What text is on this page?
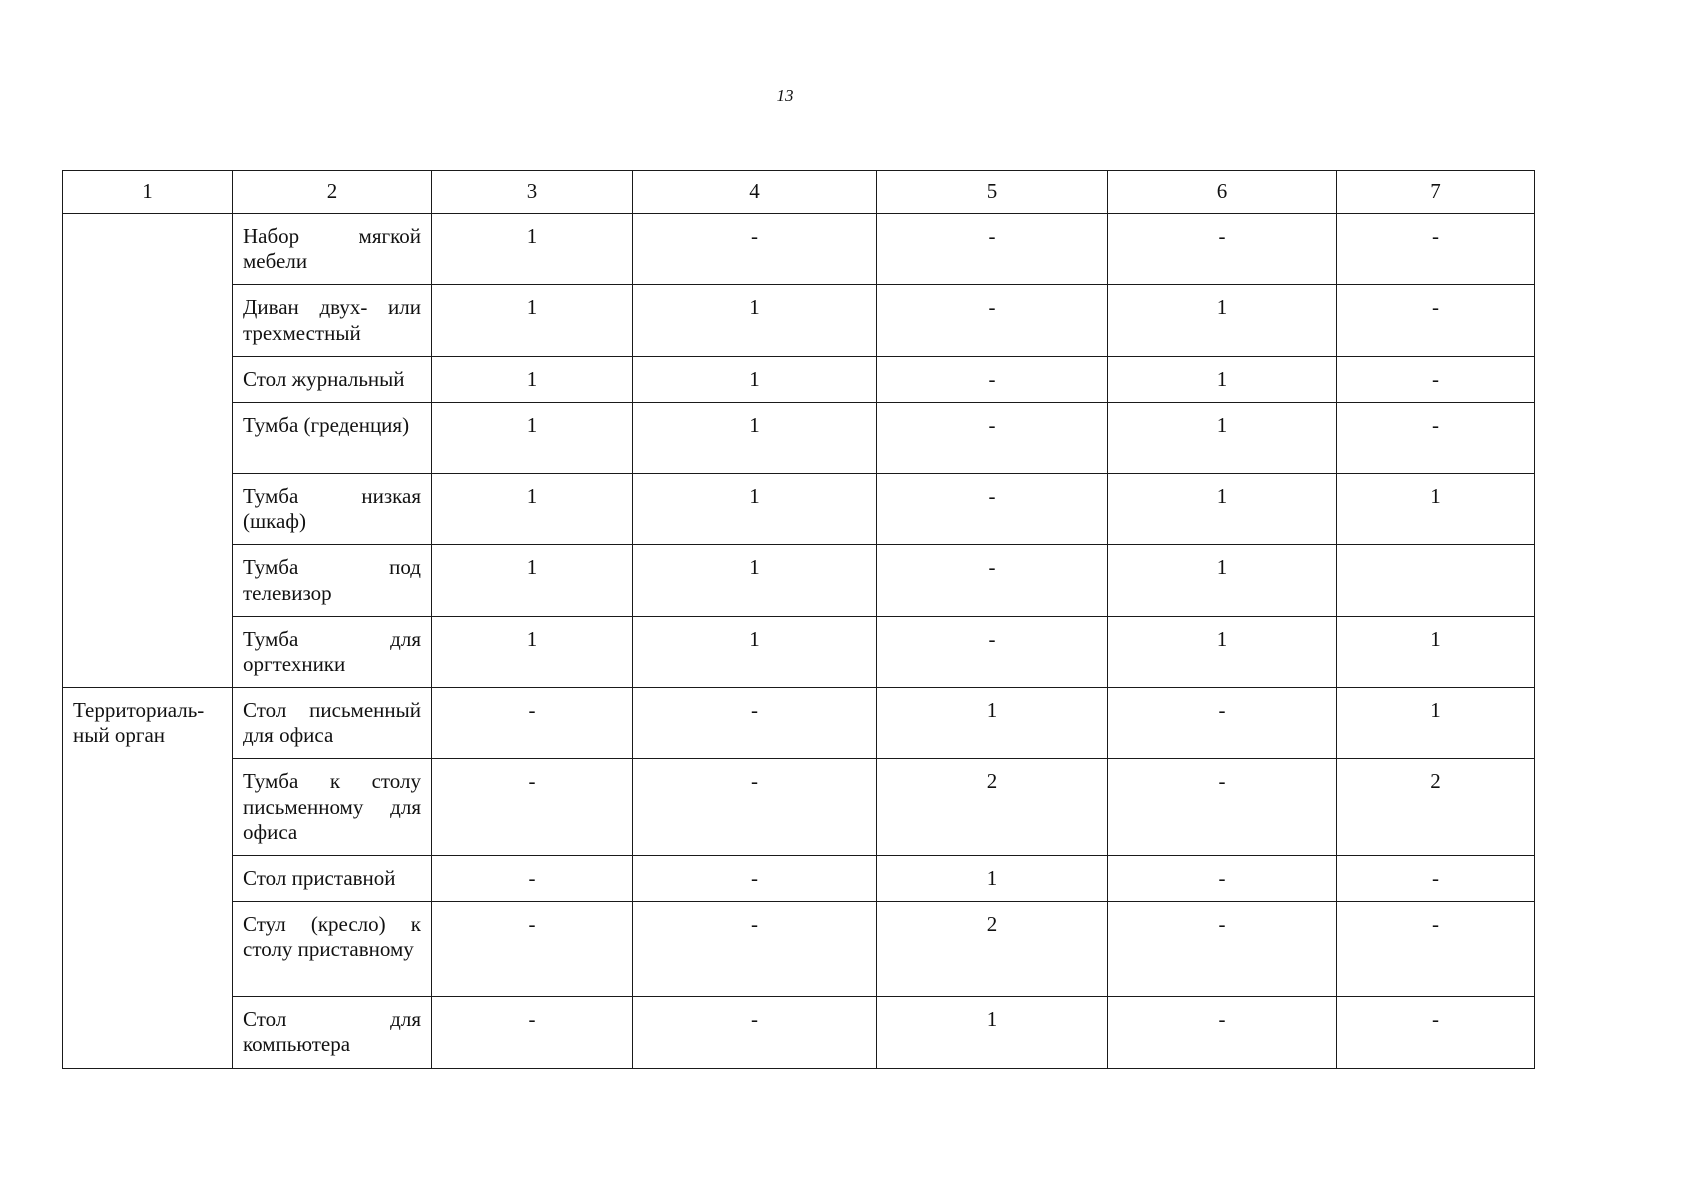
13
1	2	3	4	5	6	7
	Набор мягкой мебели	1	-	-	-	-
	Диван двух- или трехместный	1	1	-	1	-
	Стол журнальный	1	1	-	1	-
	Тумба (греденция)	1	1	-	1	-
	Тумба низкая (шкаф)	1	1	-	1	1
	Тумба под телевизор	1	1	-	1	
	Тумба для оргтехники	1	1	-	1	1
Территориаль-ный орган	Стол письменный для офиса	-	-	1	-	1
	Тумба к столу письменному для офиса	-	-	2	-	2
	Стол приставной	-	-	1	-	-
	Стул (кресло) к столу приставному	-	-	2	-	-
	Стол для компьютера	-	-	1	-	-
